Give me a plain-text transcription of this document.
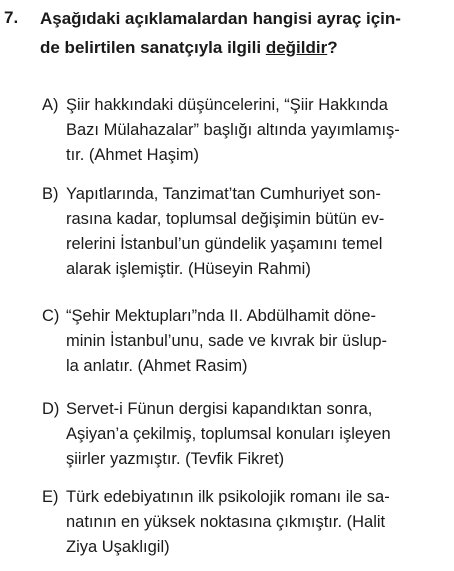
7. Aşağıdaki açıklamalardan hangisi ayraç için-
de belirtilen sanatçıyla ilgili değildir?
A) Şiir hakkındaki düşüncelerini, “Şiir Hakkında
Bazı Mülahazalar” başlığı altında yayımlamış-
tır. (Ahmet Haşim)
B) Yapıtlarında, Tanzimat’tan Cumhuriyet son-
rasına kadar, toplumsal değişimin bütün ev-
relerini İstanbul’un gündelik yaşamını temel
alarak işlemiştir. (Hüseyin Rahmi)
C) “Şehir Mektupları”nda II. Abdülhamit döne-
minin İstanbul’unu, sade ve kıvrak bir üslup-
la anlatır. (Ahmet Rasim)
D) Servet-i Fünun dergisi kapandıktan sonra,
Aşiyan’a çekilmiş, toplumsal konuları işleyen
şiirler yazmıştır. (Tevfik Fikret)
E) Türk edebiyatının ilk psikolojik romanı ile sa-
natının en yüksek noktasına çıkmıştır. (Halit
Ziya Uşaklıgil)
